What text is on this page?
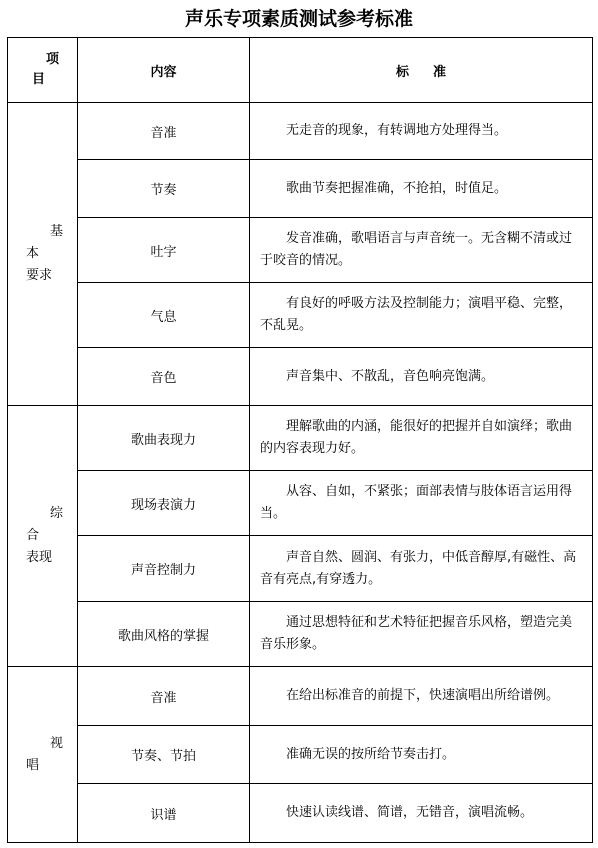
声乐专项素质测试参考标准
项
目	内容	标 准

基
本
要求	音准	无走音的现象，有转调地方处理得当。
	节奏	歌曲节奏把握准确，不抢拍，时值足。
	吐字	发音准确，歌唱语言与声音统一。无含糊不清或过于咬音的情况。
	气息	有良好的呼吸方法及控制能力；演唱平稳、完整，不乱晃。
	音色	声音集中、不散乱，音色响亮饱满。

综
合
表现	歌曲表现力	理解歌曲的内涵，能很好的把握并自如演绎；歌曲的内容表现力好。
	现场表演力	从容、自如，不紧张；面部表情与肢体语言运用得当。
	声音控制力	声音自然、圆润、有张力，中低音醇厚,有磁性、高音有亮点,有穿透力。
	歌曲风格的掌握	通过思想特征和艺术特征把握音乐风格，塑造完美音乐形象。

视
唱	音准	在给出标准音的前提下，快速演唱出所给谱例。
	节奏、节拍	准确无误的按所给节奏击打。
	识谱	快速认读线谱、简谱，无错音，演唱流畅。
